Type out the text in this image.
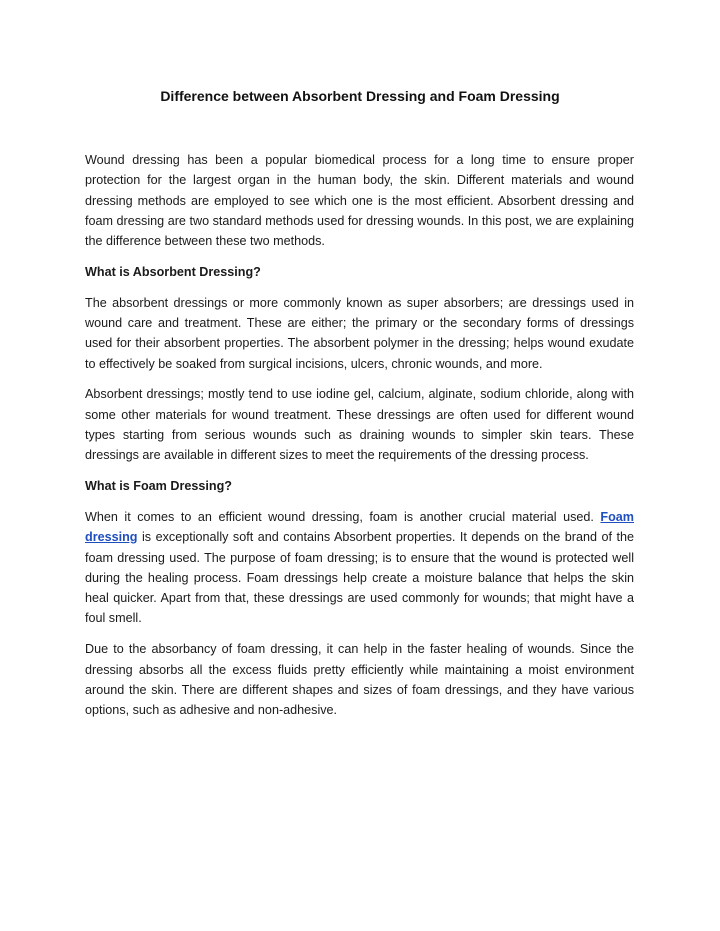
Difference between Absorbent Dressing and Foam Dressing

Wound dressing has been a popular biomedical process for a long time to ensure proper protection for the largest organ in the human body, the skin. Different materials and wound dressing methods are employed to see which one is the most efficient. Absorbent dressing and foam dressing are two standard methods used for dressing wounds. In this post, we are explaining the difference between these two methods.

What is Absorbent Dressing?

The absorbent dressings or more commonly known as super absorbers; are dressings used in wound care and treatment. These are either; the primary or the secondary forms of dressings used for their absorbent properties. The absorbent polymer in the dressing; helps wound exudate to effectively be soaked from surgical incisions, ulcers, chronic wounds, and more.

Absorbent dressings; mostly tend to use iodine gel, calcium, alginate, sodium chloride, along with some other materials for wound treatment. These dressings are often used for different wound types starting from serious wounds such as draining wounds to simpler skin tears. These dressings are available in different sizes to meet the requirements of the dressing process.

What is Foam Dressing?

When it comes to an efficient wound dressing, foam is another crucial material used. Foam dressing is exceptionally soft and contains Absorbent properties. It depends on the brand of the foam dressing used. The purpose of foam dressing; is to ensure that the wound is protected well during the healing process. Foam dressings help create a moisture balance that helps the skin heal quicker. Apart from that, these dressings are used commonly for wounds; that might have a foul smell.

Due to the absorbancy of foam dressing, it can help in the faster healing of wounds. Since the dressing absorbs all the excess fluids pretty efficiently while maintaining a moist environment around the skin. There are different shapes and sizes of foam dressings, and they have various options, such as adhesive and non-adhesive.
